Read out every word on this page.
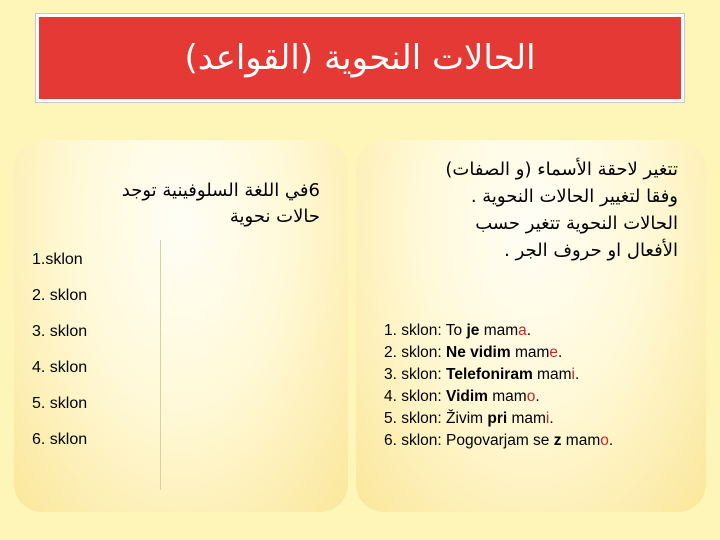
الحالات النحوية (القواعد)
6في اللغة السلوفينية توجد
حالات نحوية
1.sklon
2. sklon
3. sklon
4. sklon
5. sklon
6. sklon
تتغير لاحقة الأسماء (و الصفات)
وفقا لتغيير الحالات النحوية .
الحالات النحوية تتغير حسب
الأفعال او حروف الجر .
1. sklon: To je mama.
2. sklon: Ne vidim mame.
3. sklon: Telefoniram mami.
4. sklon: Vidim mamo.
5. sklon: Živim pri mami.
6. sklon: Pogovarjam se z mamo.
